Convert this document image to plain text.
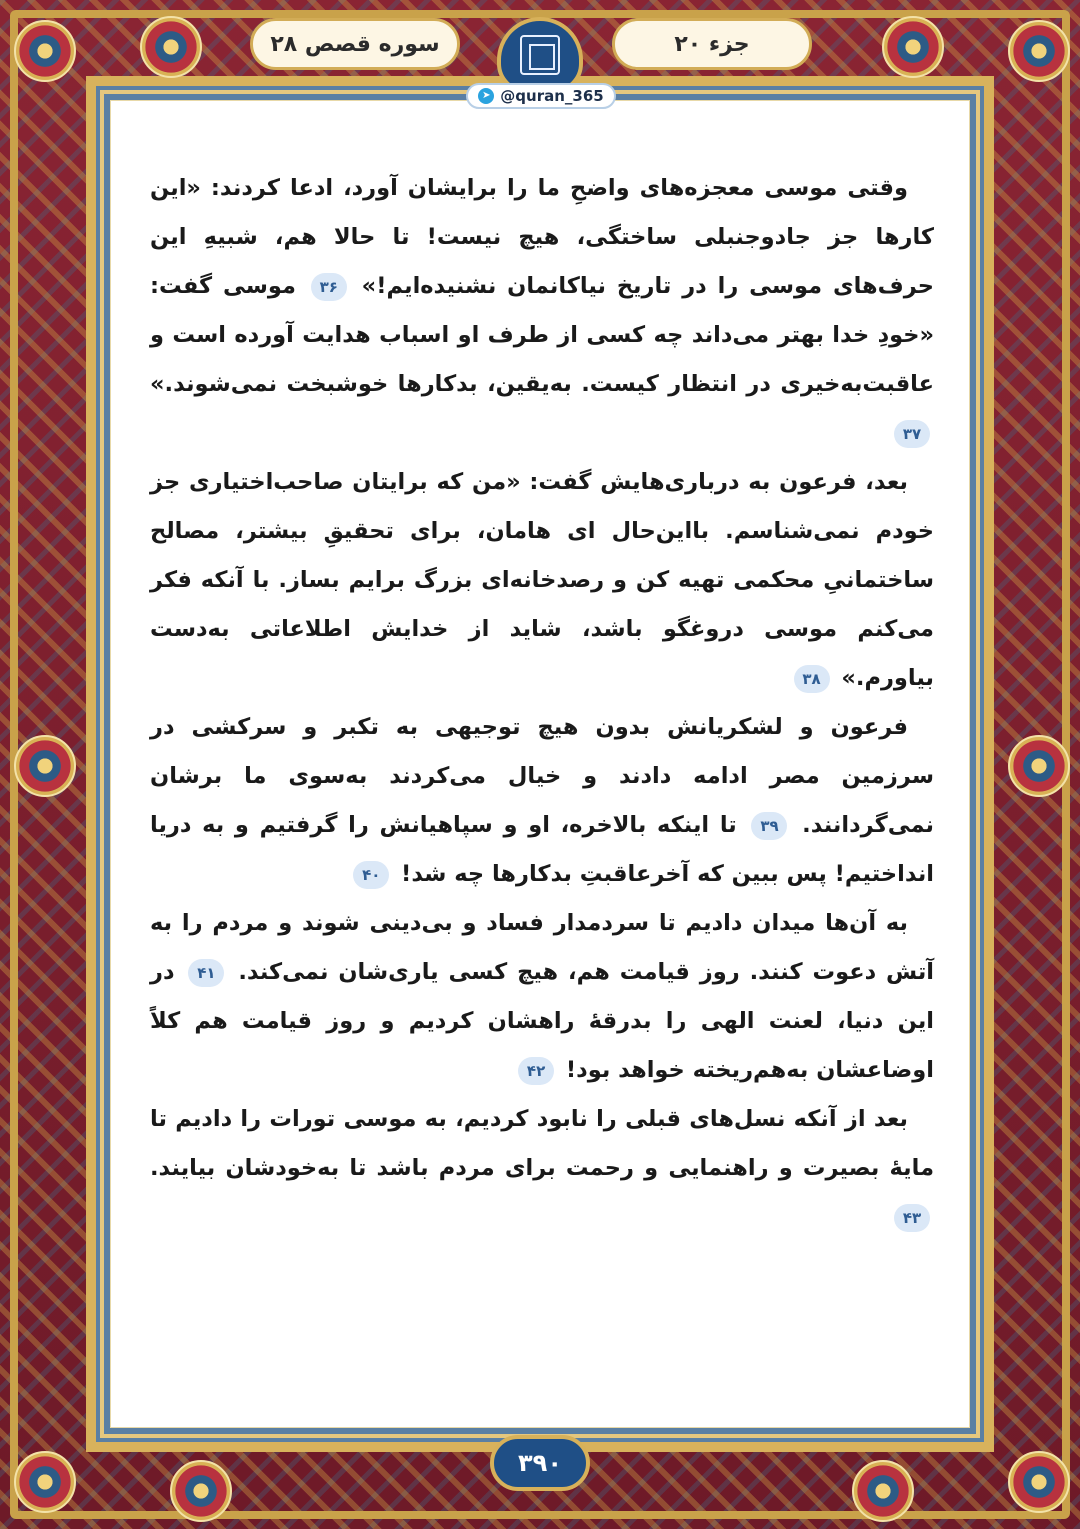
جزء ۲۰
سوره قصص ۲۸
➤ @quran_365

وقتی موسی معجزه‌های واضحِ ما را برایشان آورد، ادعا کردند: «این کارها جز جادوجنبلی ساختگی، هیچ نیست! تا حالا هم، شبیهِ این حرف‌های موسی را در تاریخ نیاکانمان نشنیده‌ایم!» ۳۶ موسی گفت: «خودِ خدا بهتر می‌داند چه کسی از طرف او اسباب هدایت آورده است و عاقبت‌به‌خیری در انتظار کیست. به‌یقین، بدکارها خوشبخت نمی‌شوند.» ۳۷

بعد، فرعون به درباری‌هایش گفت: «من که برایتان صاحب‌اختیاری جز خودم نمی‌شناسم. بااین‌حال ای هامان، برای تحقیقِ بیشتر، مصالح ساختمانیِ محکمی تهیه کن و رصدخانه‌ای بزرگ برایم بساز. با آنکه فکر می‌کنم موسی دروغگو باشد، شاید از خدایش اطلاعاتی به‌دست بیاورم.» ۳۸

فرعون و لشکریانش بدون هیچ توجیهی به تکبر و سرکشی در سرزمین مصر ادامه دادند و خیال می‌کردند به‌سوی ما برشان نمی‌گردانند. ۳۹ تا اینکه بالاخره، او و سپاهیانش را گرفتیم و به دریا انداختیم! پس ببین که آخرعاقبتِ بدکارها چه شد! ۴۰

به آن‌ها میدان دادیم تا سردمدار فساد و بی‌دینی شوند و مردم را به آتش دعوت کنند. روز قیامت هم، هیچ کسی یاری‌شان نمی‌کند. ۴۱ در این دنیا، لعنت الهی را بدرقهٔ راهشان کردیم و روز قیامت هم کلاً اوضاعشان به‌هم‌ریخته خواهد بود! ۴۲

بعد از آنکه نسل‌های قبلی را نابود کردیم، به موسی تورات را دادیم تا مایهٔ بصیرت و راهنمایی و رحمت برای مردم باشد تا به‌خودشان بیایند. ۴۳

۳۹۰
